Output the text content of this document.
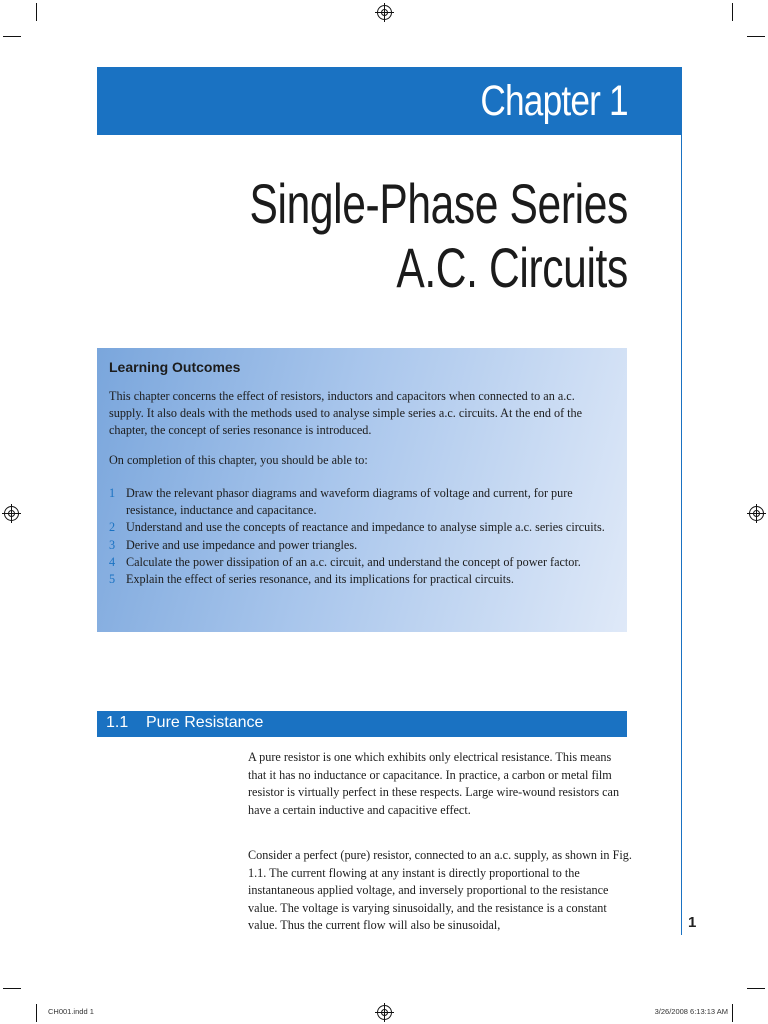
Chapter 1
Single-Phase Series
A.C. Circuits
Learning Outcomes
This chapter concerns the effect of resistors, inductors and capacitors when connected to an a.c. supply. It also deals with the methods used to analyse simple series a.c. circuits. At the end of the chapter, the concept of series resonance is introduced.
On completion of this chapter, you should be able to:
1 Draw the relevant phasor diagrams and waveform diagrams of voltage and current, for pure resistance, inductance and capacitance.
2 Understand and use the concepts of reactance and impedance to analyse simple a.c. series circuits.
3 Derive and use impedance and power triangles.
4 Calculate the power dissipation of an a.c. circuit, and understand the concept of power factor.
5 Explain the effect of series resonance, and its implications for practical circuits.
1.1 Pure Resistance
A pure resistor is one which exhibits only electrical resistance. This means that it has no inductance or capacitance. In practice, a carbon or metal film resistor is virtually perfect in these respects. Large wire-wound resistors can have a certain inductive and capacitive effect.
Consider a perfect (pure) resistor, connected to an a.c. supply, as shown in Fig. 1.1. The current flowing at any instant is directly proportional to the instantaneous applied voltage, and inversely proportional to the resistance value. The voltage is varying sinusoidally, and the resistance is a constant value. Thus the current flow will also be sinusoidal,	1
CH001.indd 1	3/26/2008 6:13:13 AM
